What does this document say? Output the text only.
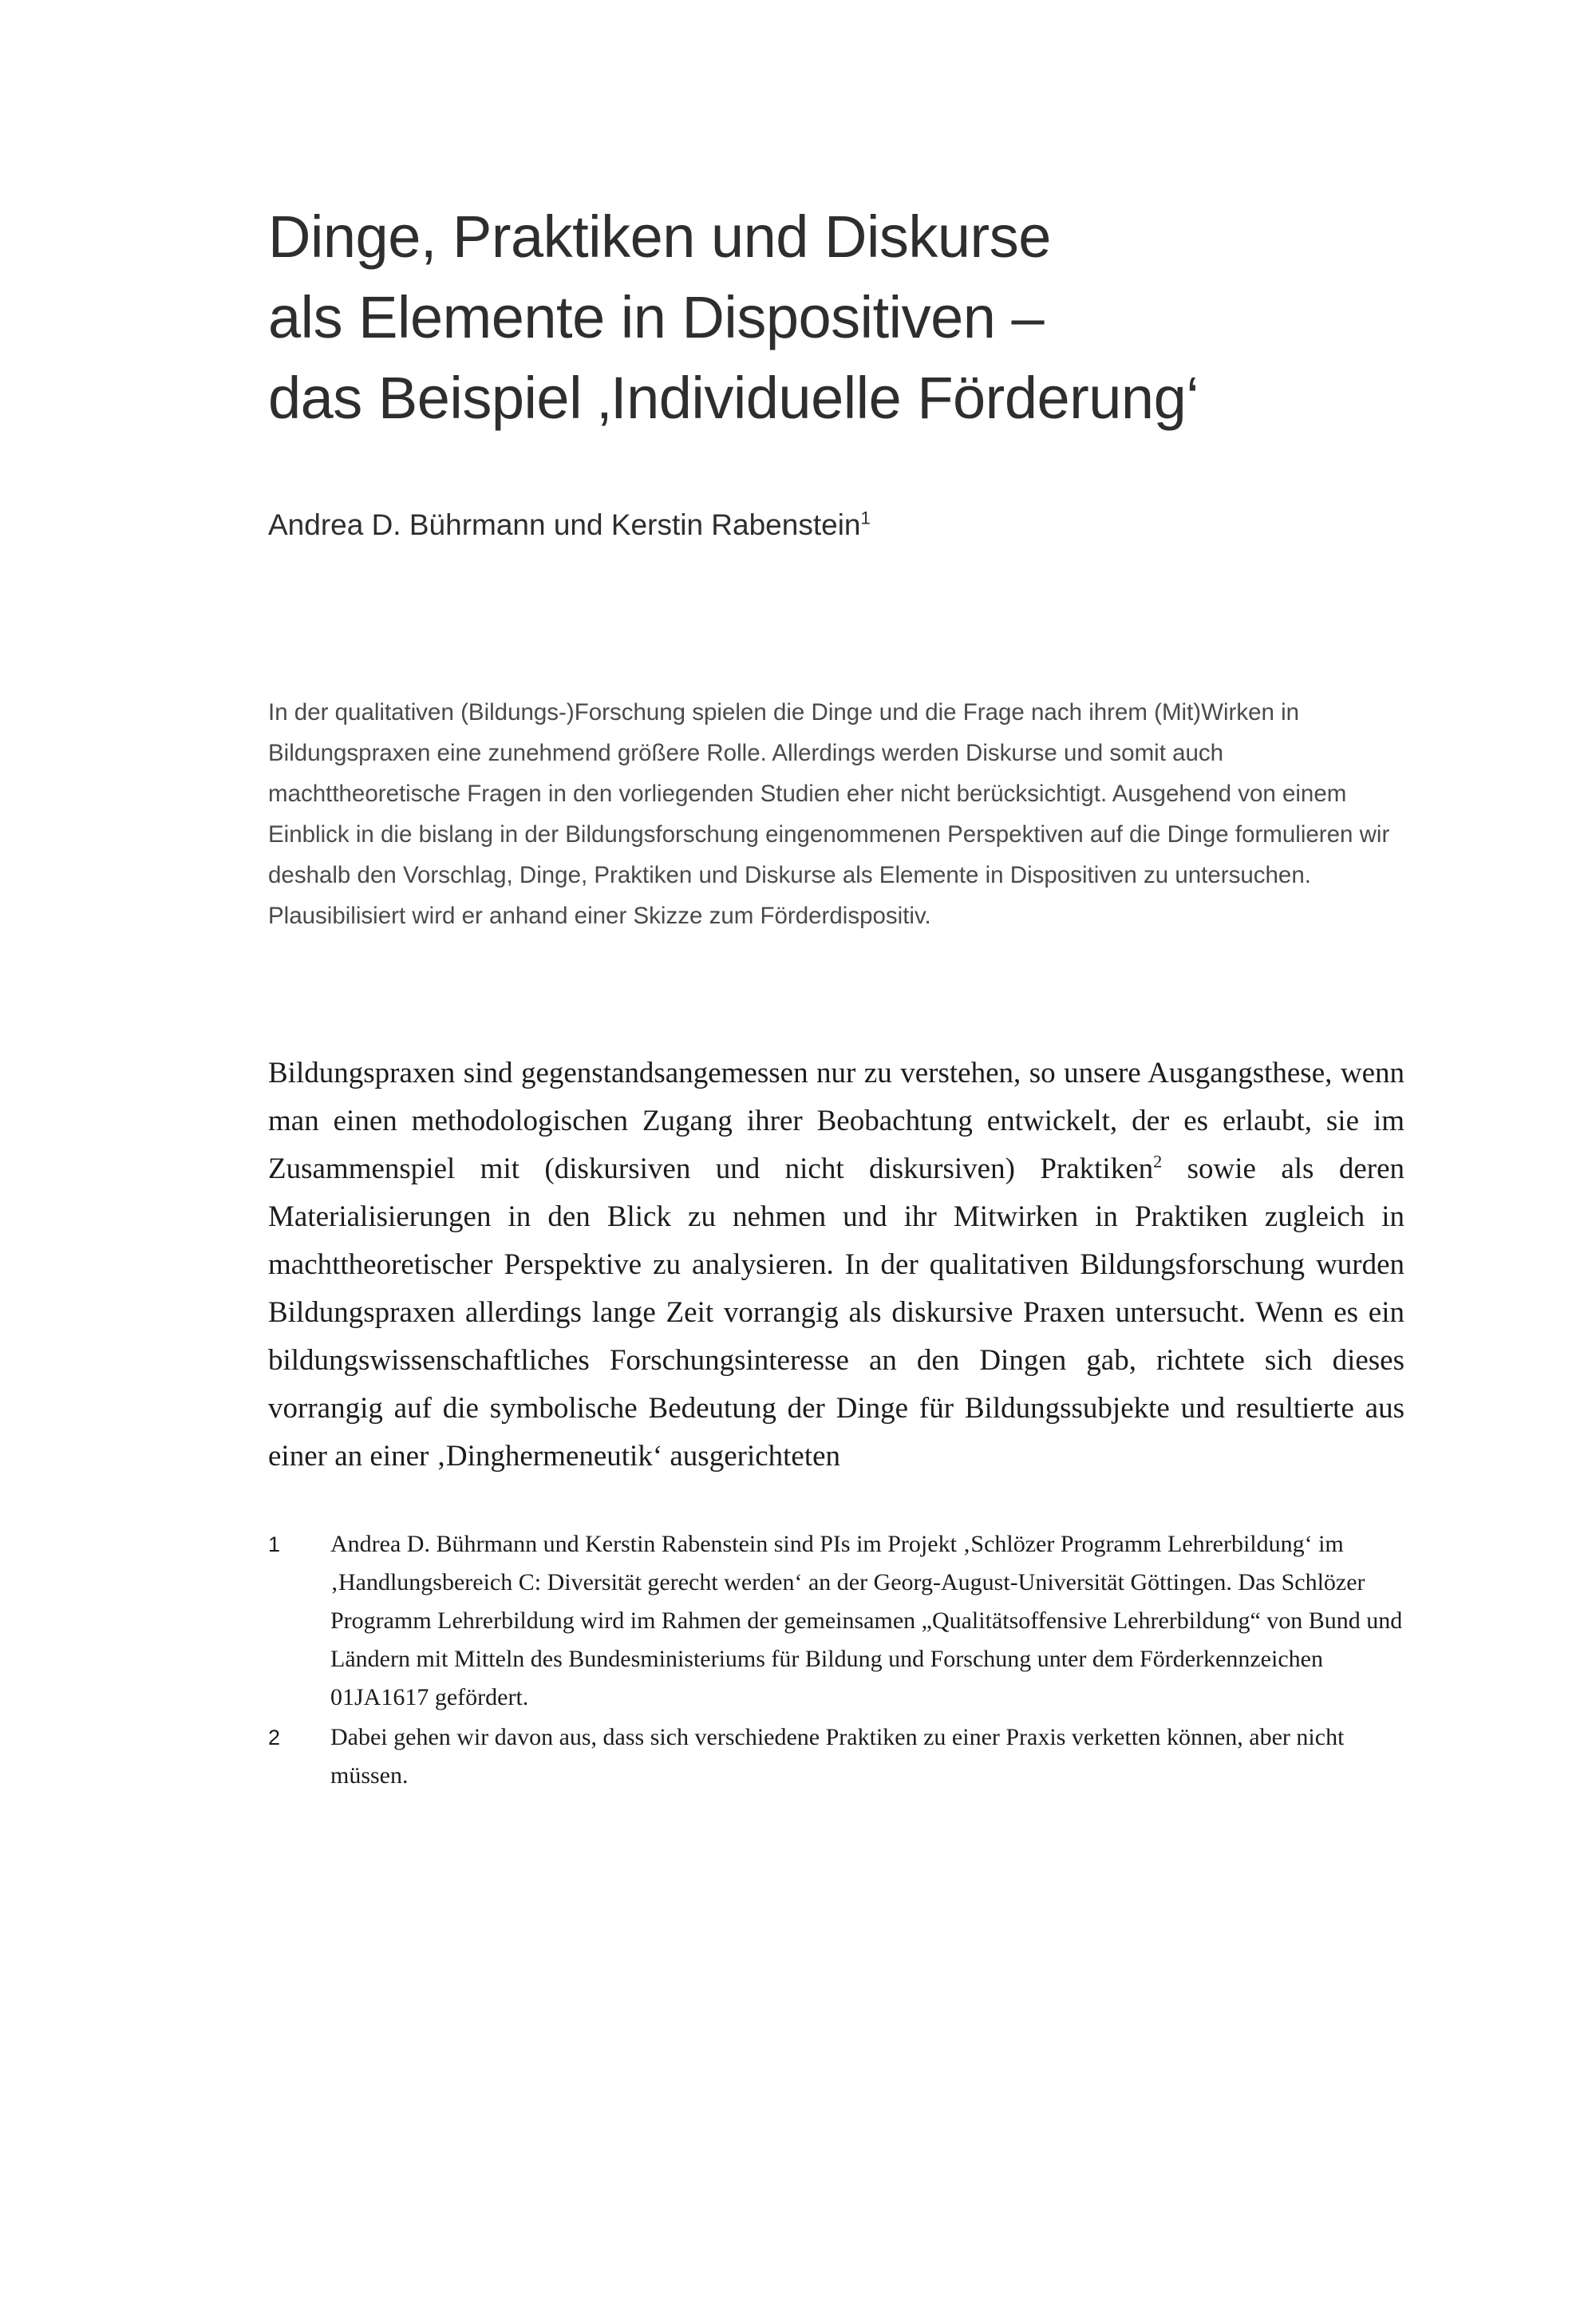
Dinge, Praktiken und Diskurse
als Elemente in Dispositiven –
das Beispiel ‚Individuelle Förderung‘
Andrea D. Bührmann und Kerstin Rabenstein$^1$
In der qualitativen (Bildungs-)Forschung spielen die Dinge und die Frage nach ihrem (Mit)Wirken in Bildungspraxen eine zunehmend größere Rolle. Allerdings werden Diskurse und somit auch machttheoretische Fragen in den vorliegenden Studien eher nicht berücksichtigt. Ausgehend von einem Einblick in die bislang in der Bildungsforschung eingenommenen Perspektiven auf die Dinge formulieren wir deshalb den Vorschlag, Dinge, Praktiken und Diskurse als Elemente in Dispositiven zu untersuchen. Plausibilisiert wird er anhand einer Skizze zum Förderdispositiv.
Bildungspraxen sind gegenstandsangemessen nur zu verstehen, so unsere Ausgangsthese, wenn man einen methodologischen Zugang ihrer Beobachtung entwickelt, der es erlaubt, sie im Zusammenspiel mit (diskursiven und nicht diskursiven) Praktiken$^2$ sowie als deren Materialisierungen in den Blick zu nehmen und ihr Mitwirken in Praktiken zugleich in machttheoretischer Perspektive zu analysieren. In der qualitativen Bildungsforschung wurden Bildungspraxen allerdings lange Zeit vorrangig als diskursive Praxen untersucht. Wenn es ein bildungswissenschaftliches Forschungsinteresse an den Dingen gab, richtete sich dieses vorrangig auf die symbolische Bedeutung der Dinge für Bildungssubjekte und resultierte aus einer an einer ‚Dinghermeneutik‘ ausgerichteten
1	Andrea D. Bührmann und Kerstin Rabenstein sind PIs im Projekt ‚Schlözer Programm Lehrerbildung‘ im ‚Handlungsbereich C: Diversität gerecht werden‘ an der Georg-August-Universität Göttingen. Das Schlözer Programm Lehrerbildung wird im Rahmen der gemeinsamen „Qualitätsoffensive Lehrerbildung“ von Bund und Ländern mit Mitteln des Bundesministeriums für Bildung und Forschung unter dem Förderkennzeichen 01JA1617 gefördert.
2	Dabei gehen wir davon aus, dass sich verschiedene Praktiken zu einer Praxis verketten können, aber nicht müssen.
